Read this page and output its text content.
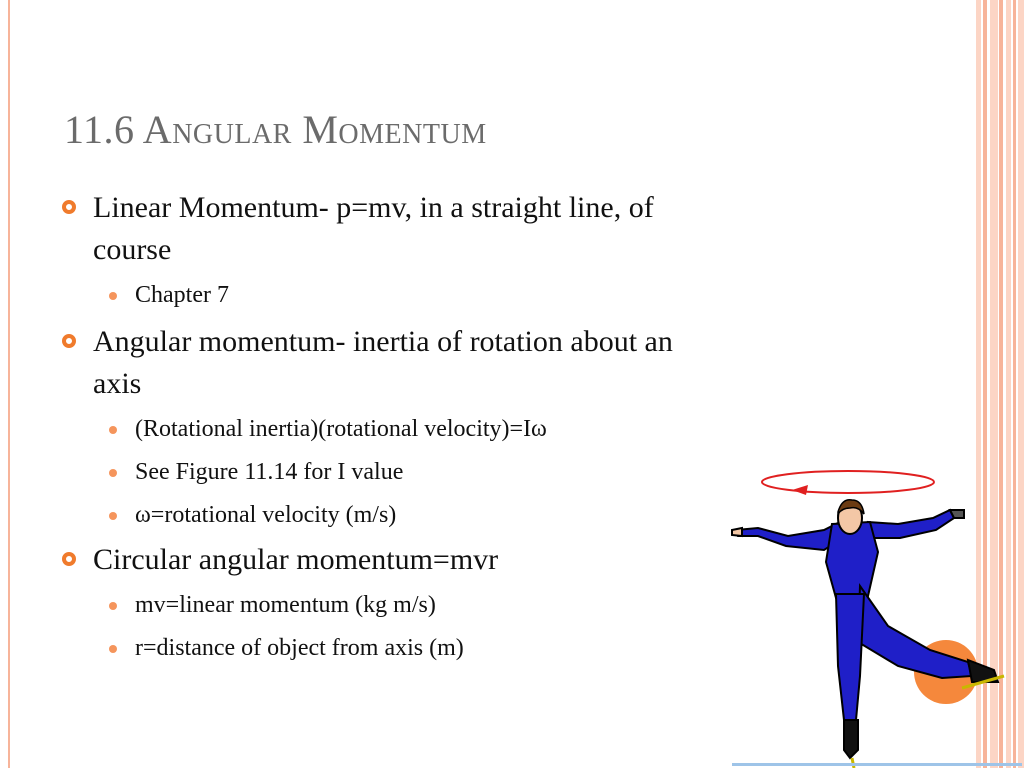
11.6 Angular Momentum
Linear Momentum- p=mv, in a straight line, of
course
Chapter 7
Angular momentum- inertia of rotation about an
axis
(Rotational inertia)(rotational velocity)=Iω
See Figure 11.14 for I value
ω=rotational velocity (m/s)
Circular angular momentum=mvr
mv=linear momentum (kg m/s)
r=distance of object from axis (m)
